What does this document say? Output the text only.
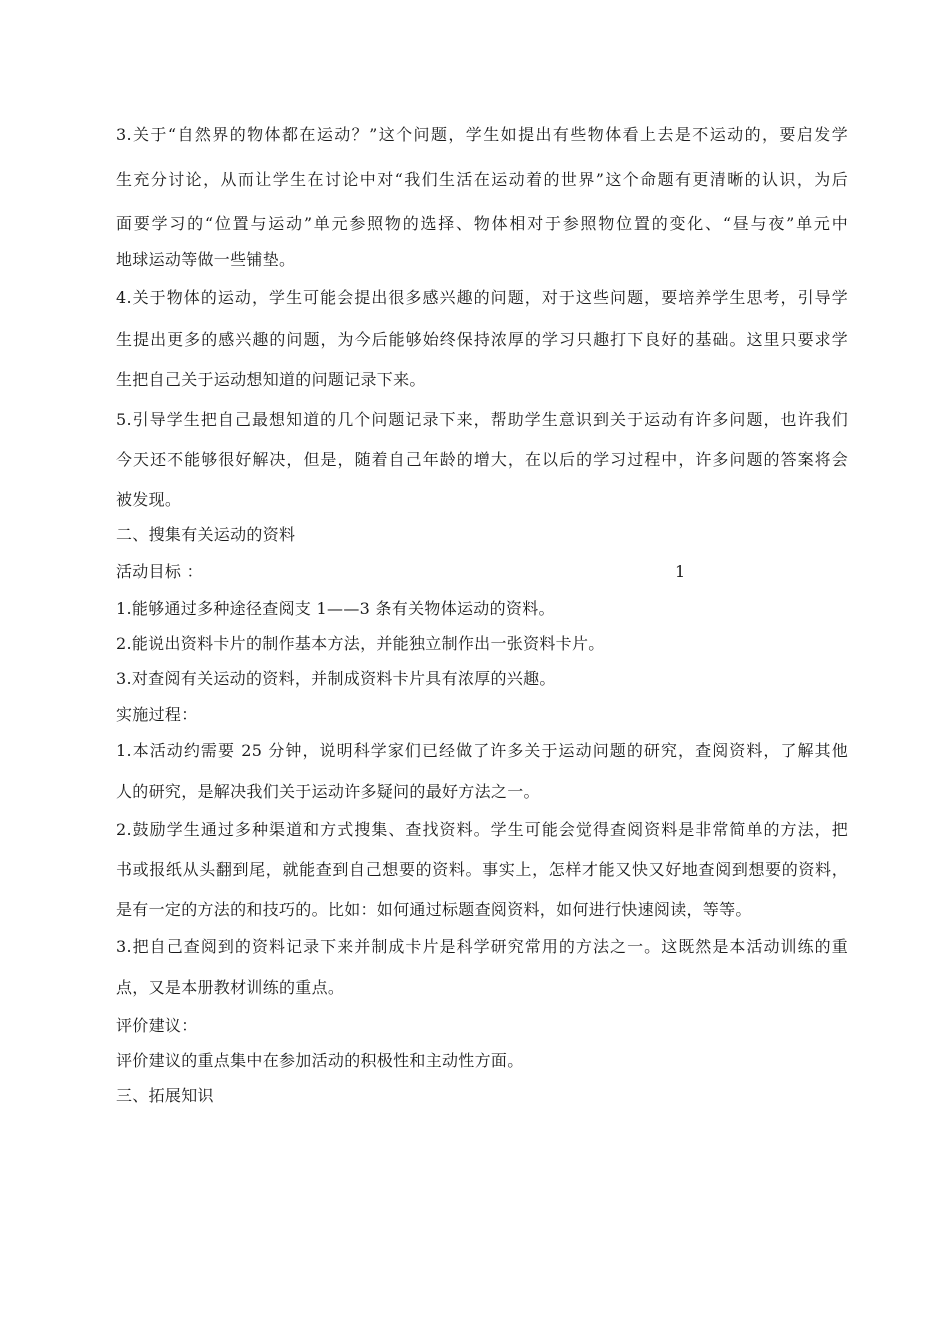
3.关于“自然界的物体都在运动？”这个问题，学生如提出有些物体看上去是不运动的，要启发学
生充分讨论，从而让学生在讨论中对“我们生活在运动着的世界”这个命题有更清晰的认识，为后
面要学习的“位置与运动”单元参照物的选择、物体相对于参照物位置的变化、“昼与夜”单元中
地球运动等做一些铺垫。
4.关于物体的运动，学生可能会提出很多感兴趣的问题，对于这些问题，要培养学生思考，引导学
生提出更多的感兴趣的问题，为今后能够始终保持浓厚的学习只趣打下良好的基础。这里只要求学
生把自己关于运动想知道的问题记录下来。
5.引导学生把自己最想知道的几个问题记录下来，帮助学生意识到关于运动有许多问题，也许我们
今天还不能够很好解决，但是，随着自己年龄的增大，在以后的学习过程中，许多问题的答案将会
被发现。
二、搜集有关运动的资料
活动目标 ：	1
1.能够通过多种途径查阅支 1——3 条有关物体运动的资料。
2.能说出资料卡片的制作基本方法，并能独立制作出一张资料卡片。
3.对查阅有关运动的资料，并制成资料卡片具有浓厚的兴趣。
实施过程：
1.本活动约需要 25 分钟，说明科学家们已经做了许多关于运动问题的研究，查阅资料，了解其他
人的研究，是解决我们关于运动许多疑问的最好方法之一。
2.鼓励学生通过多种渠道和方式搜集、查找资料。学生可能会觉得查阅资料是非常简单的方法，把
书或报纸从头翻到尾，就能查到自己想要的资料。事实上，怎样才能又快又好地查阅到想要的资料，
是有一定的方法的和技巧的。比如：如何通过标题查阅资料，如何进行快速阅读，等等。
3.把自己查阅到的资料记录下来并制成卡片是科学研究常用的方法之一。这既然是本活动训练的重
点，又是本册教材训练的重点。
评价建议：
评价建议的重点集中在参加活动的积极性和主动性方面。
三、拓展知识
